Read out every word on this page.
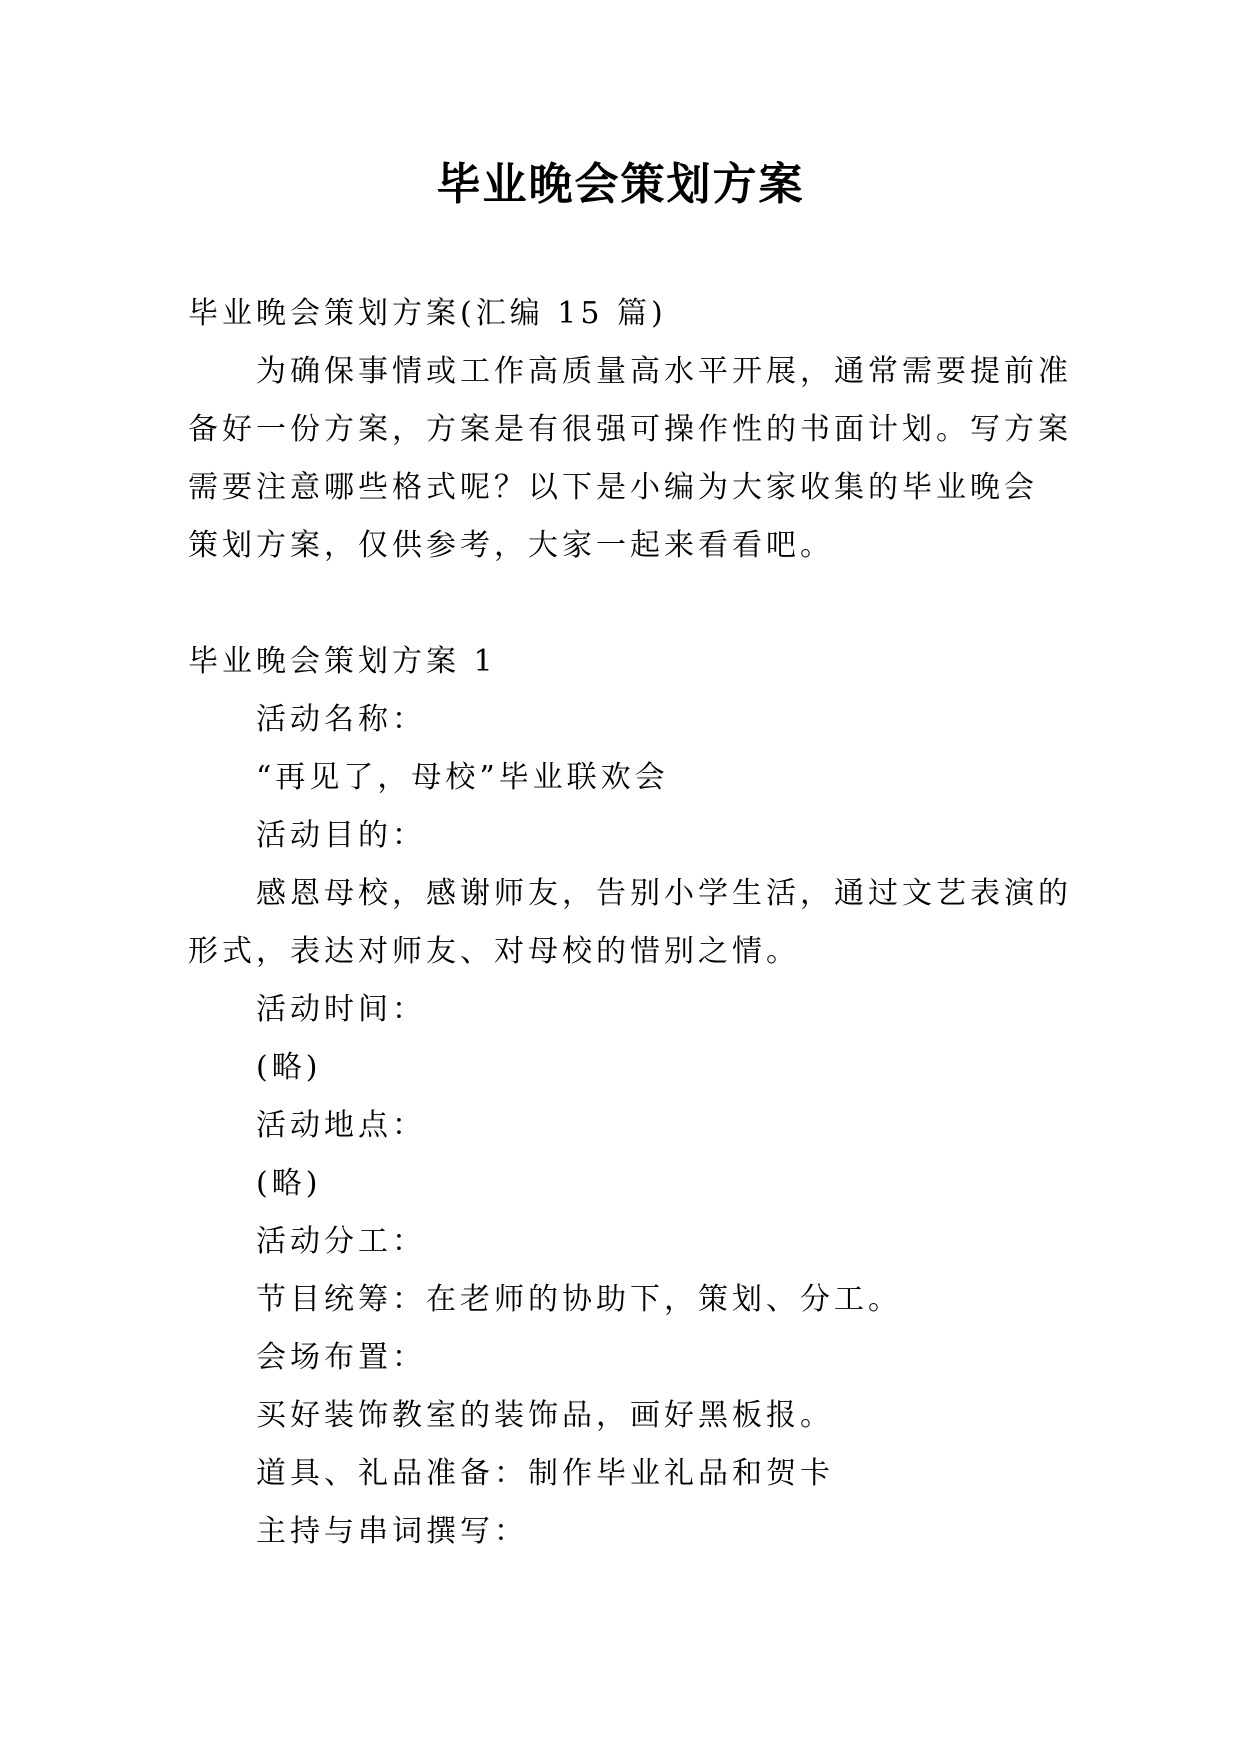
毕业晚会策划方案
毕业晚会策划方案(汇编 15 篇)
为确保事情或工作高质量高水平开展，通常需要提前准
备好一份方案，方案是有很强可操作性的书面计划。写方案
需要注意哪些格式呢？以下是小编为大家收集的毕业晚会
策划方案，仅供参考，大家一起来看看吧。
毕业晚会策划方案 1
活动名称：
“再见了，母校”毕业联欢会
活动目的：
感恩母校，感谢师友，告别小学生活，通过文艺表演的
形式，表达对师友、对母校的惜别之情。
活动时间：
(略)
活动地点：
(略)
活动分工：
节目统筹：在老师的协助下，策划、分工。
会场布置：
买好装饰教室的装饰品，画好黑板报。
道具、礼品准备：制作毕业礼品和贺卡
主持与串词撰写：
